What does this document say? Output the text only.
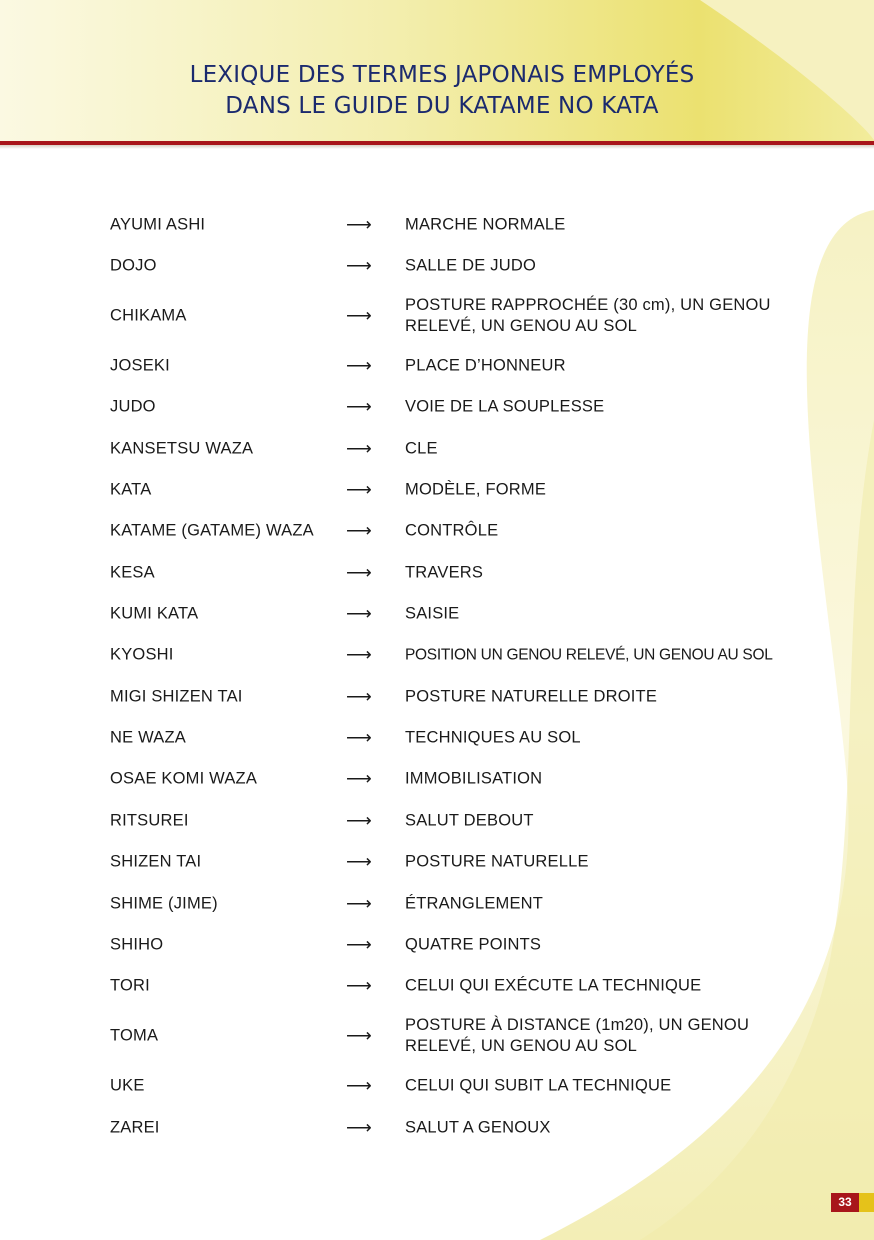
LEXIQUE DES TERMES JAPONAIS EMPLOYÉS
DANS LE GUIDE DU KATAME NO KATA
AYUMI ASHI	⟶ MARCHE NORMALE
DOJO	⟶ SALLE DE JUDO
CHIKAMA	⟶
POSTURE RAPPROCHÉE (30 cm), UN GENOU RELEVÉ, UN GENOU AU SOL
JOSEKI	⟶ PLACE D’HONNEUR
JUDO	⟶ VOIE DE LA SOUPLESSE
KANSETSU WAZA	⟶ CLE
KATA	⟶ MODÈLE, FORME
KATAME (GATAME) WAZA ⟶ CONTRÔLE
KESA	⟶ TRAVERS
KUMI KATA	⟶ SAISIE
KYOSHI	⟶ POSITION UN GENOU RELEVÉ, UN GENOU AU SOL
MIGI SHIZEN TAI	⟶ POSTURE NATURELLE DROITE
NE WAZA	⟶ TECHNIQUES AU SOL
OSAE KOMI WAZA	⟶ IMMOBILISATION
RITSUREI	⟶ SALUT DEBOUT
SHIZEN TAI	⟶ POSTURE NATURELLE
SHIME (JIME)	⟶ ÉTRANGLEMENT
SHIHO	⟶ QUATRE POINTS
TORI	⟶ CELUI QUI EXÉCUTE LA TECHNIQUE
TOMA	⟶
POSTURE À DISTANCE (1m20), UN GENOU RELEVÉ, UN GENOU AU SOL
UKE	⟶ CELUI QUI SUBIT LA TECHNIQUE
ZAREI	⟶ SALUT A GENOUX
33
